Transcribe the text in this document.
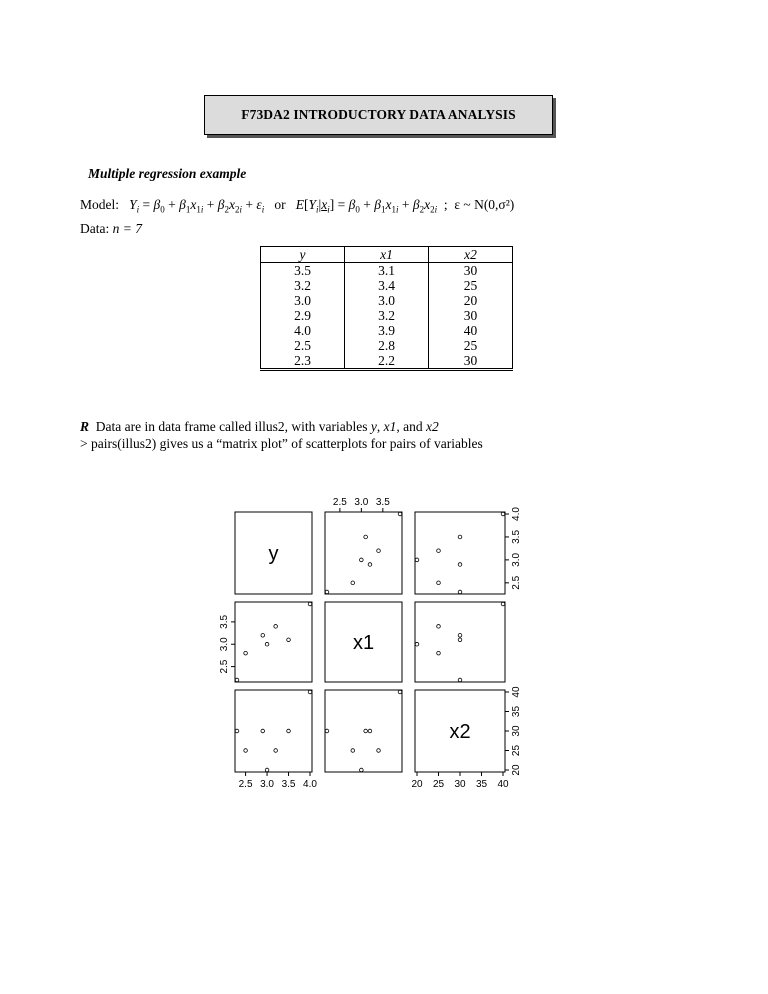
F73DA2 INTRODUCTORY DATA ANALYSIS
Multiple regression example
Model: $Y_i = \beta_0 + \beta_1x_{1i} + \beta_2x_{2i} + \varepsilon_i$ or $E[Y_i|x_i] = \beta_0 + \beta_1x_{1i} + \beta_2x_{2i}$  ;  ε ~ N(0,σ²)
Data: n = 7
y	x1	x2
3.5	3.1	30
3.2	3.4	25
3.0	3.0	20
2.9	3.2	30
4.0	3.9	40
2.5	2.8	25
2.3	2.2	30
R Data are in data frame called illus2, with variables y, x1, and x2
> pairs(illus2) gives us a “matrix plot” of scatterplots for pairs of variables
y
x1
x2
2.5 3.0 3.5
2.5 3.0 3.5 4.0	20 25 30 35 40
2.5
3.0
3.5
4.0
2.5
3.0
3.5
20
25
30
35
40
